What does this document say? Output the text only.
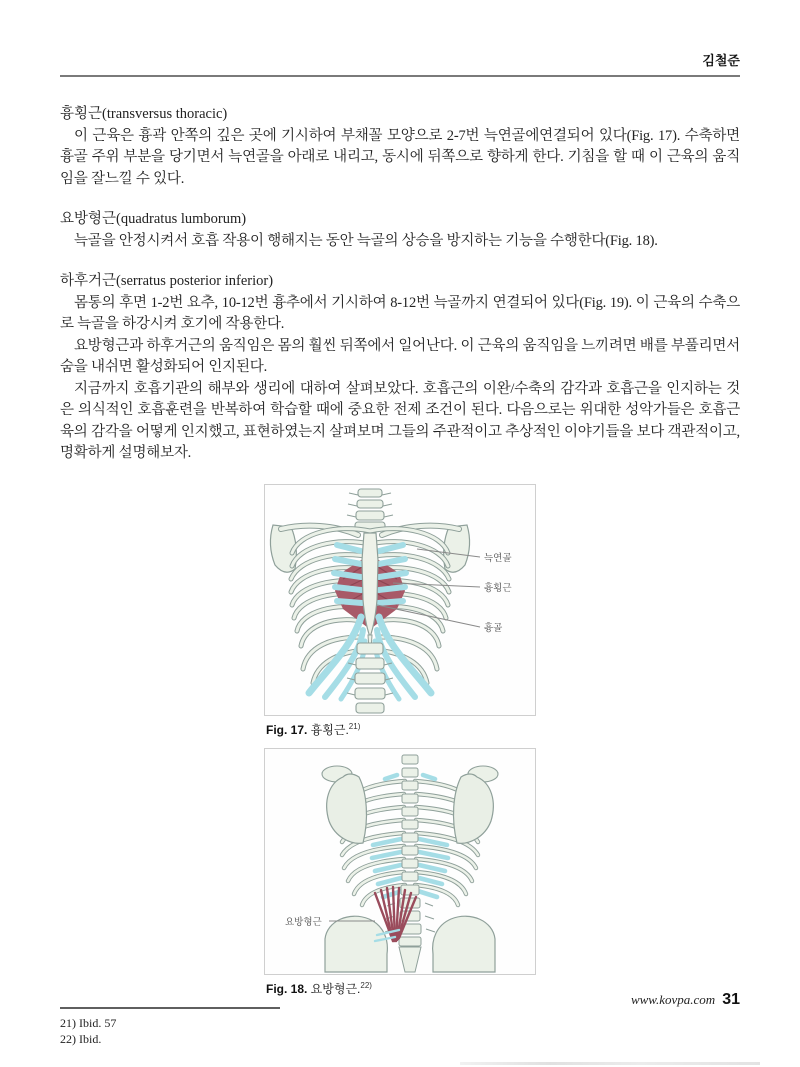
김철준
흉횡근(transversus thoracic)

이 근육은 흉곽 안쪽의 깊은 곳에 기시하여 부채꼴 모양으로 2-7번 늑연골에연결되어 있다(Fig. 17). 수축하면 흉골 주위 부분을 당기면서 늑연골을 아래로 내리고, 동시에 뒤쪽으로 향하게 한다. 기침을 할 때 이 근육의 움직임을 잘느낄 수 있다.

요방형근(quadratus lumborum)

늑골을 안정시켜서 호흡 작용이 행해지는 동안 늑골의 상승을 방지하는 기능을 수행한다(Fig. 18).

하후거근(serratus posterior inferior)

몸통의 후면 1-2번 요추, 10-12번 흉추에서 기시하여 8-12번 늑골까지 연결되어 있다(Fig. 19). 이 근육의 수축으로 늑골을 하강시켜 호기에 작용한다.

요방형근과 하후거근의 움직임은 몸의 훨씬 뒤쪽에서 일어난다. 이 근육의 움직임을 느끼려면 배를 부풀리면서 숨을 내쉬면 활성화되어 인지된다.

지금까지 호흡기관의 해부와 생리에 대하여 살펴보았다. 호흡근의 이완/수축의 감각과 호흡근을 인지하는 것은 의식적인 호흡훈련을 반복하여 학습할 때에 중요한 전제 조건이 된다. 다음으로는 위대한 성악가들은 호흡근육의 감각을 어떻게 인지했고, 표현하였는지 살펴보며 그들의 주관적이고 추상적인 이야기들을 보다 객관적이고, 명확하게 설명해보자.

늑연골
흉횡근
흉골
Fig. 17. 흉횡근.$^{21)}$
요방형근
Fig. 18. 요방형근.$^{22)}$
21) Ibid. 57
22) Ibid.
www.kovpa.com 31
